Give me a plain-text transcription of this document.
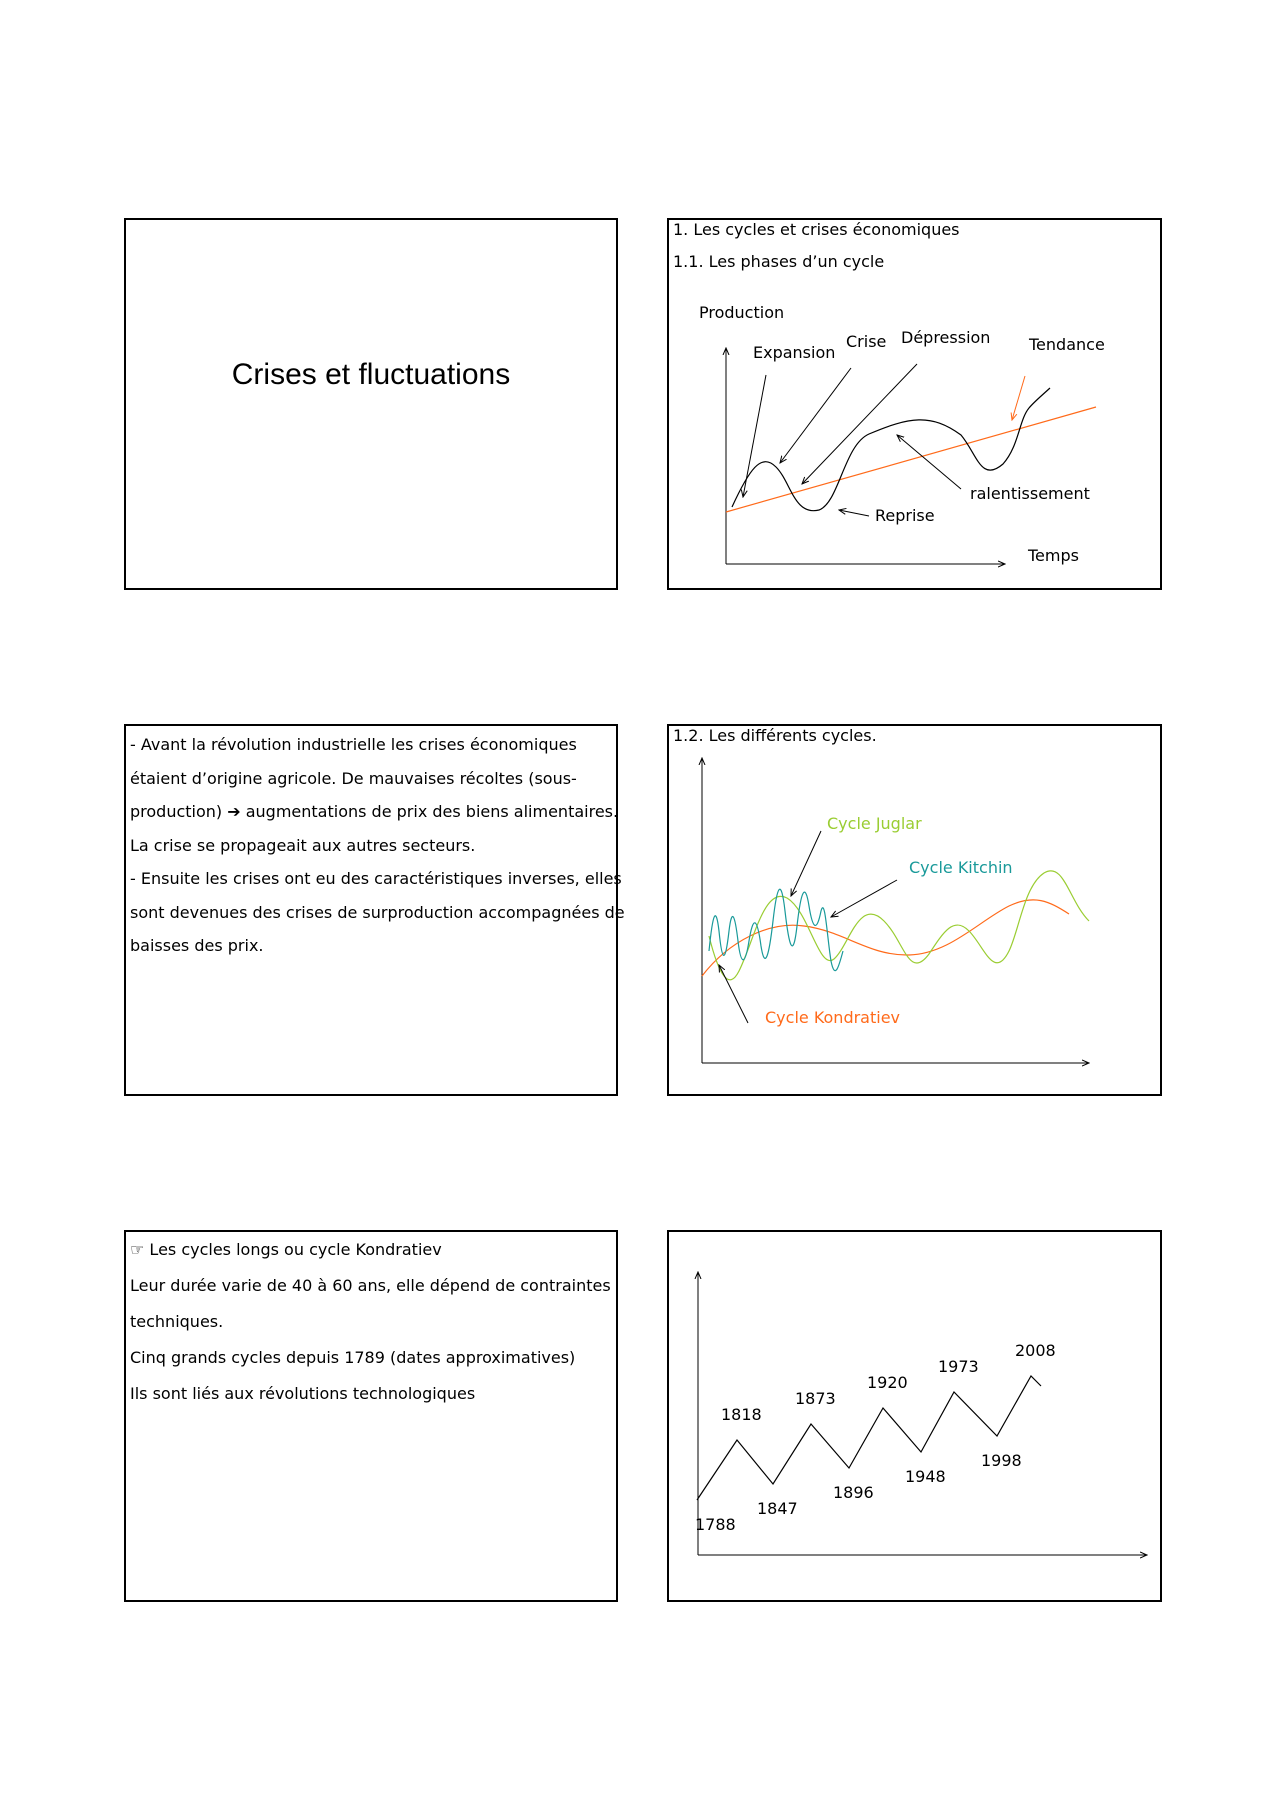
Crises et fluctuations
1. Les cycles et crises économiques
1.1. Les phases d’un cycle
Production
Temps
Expansion
Crise Dépression Tendance
ralentissement
Reprise
- Avant la révolution industrielle les crises économiques
étaient d’origine agricole. De mauvaises récoltes (sous-
production) ➔ augmentations de prix des biens alimentaires.
La crise se propageait aux autres secteurs.
- Ensuite les crises ont eu des caractéristiques inverses, elles
sont devenues des crises de surproduction accompagnées de
baisses des prix.
1.2. Les différents cycles.
Cycle Juglar
Cycle Kitchin
Cycle Kondratiev
☞ Les cycles longs ou cycle Kondratiev
Leur durée varie de 40 à 60 ans, elle dépend de contraintes
techniques.
Cinq grands cycles depuis 1789 (dates approximatives)
Ils sont liés aux révolutions technologiques
1788
1818
1847
1873
1896
1920
1948
1973
1998
2008
